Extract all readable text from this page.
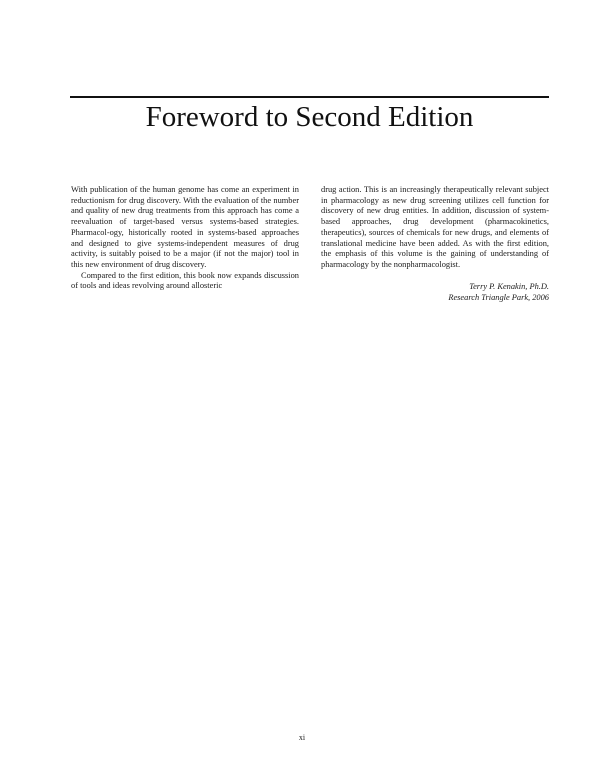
Foreword to Second Edition

With publication of the human genome has come an experiment in reductionism for drug discovery. With the evaluation of the number and quality of new drug treatments from this approach has come a reevaluation of target-based versus systems-based strategies. Pharmacol-ogy, historically rooted in systems-based approaches and designed to give systems-independent measures of drug activity, is suitably poised to be a major (if not the major) tool in this new environment of drug discovery.

Compared to the first edition, this book now expands discussion of tools and ideas revolving around allosteric

drug action. This is an increasingly therapeutically relevant subject in pharmacology as new drug screening utilizes cell function for discovery of new drug entities. In addition, discussion of system-based approaches, drug development (pharmacokinetics, therapeutics), sources of chemicals for new drugs, and elements of translational medicine have been added. As with the first edition, the emphasis of this volume is the gaining of understanding of pharmacology by the nonpharmacologist.

Terry P. Kenakin, Ph.D.
Research Triangle Park, 2006
xi
